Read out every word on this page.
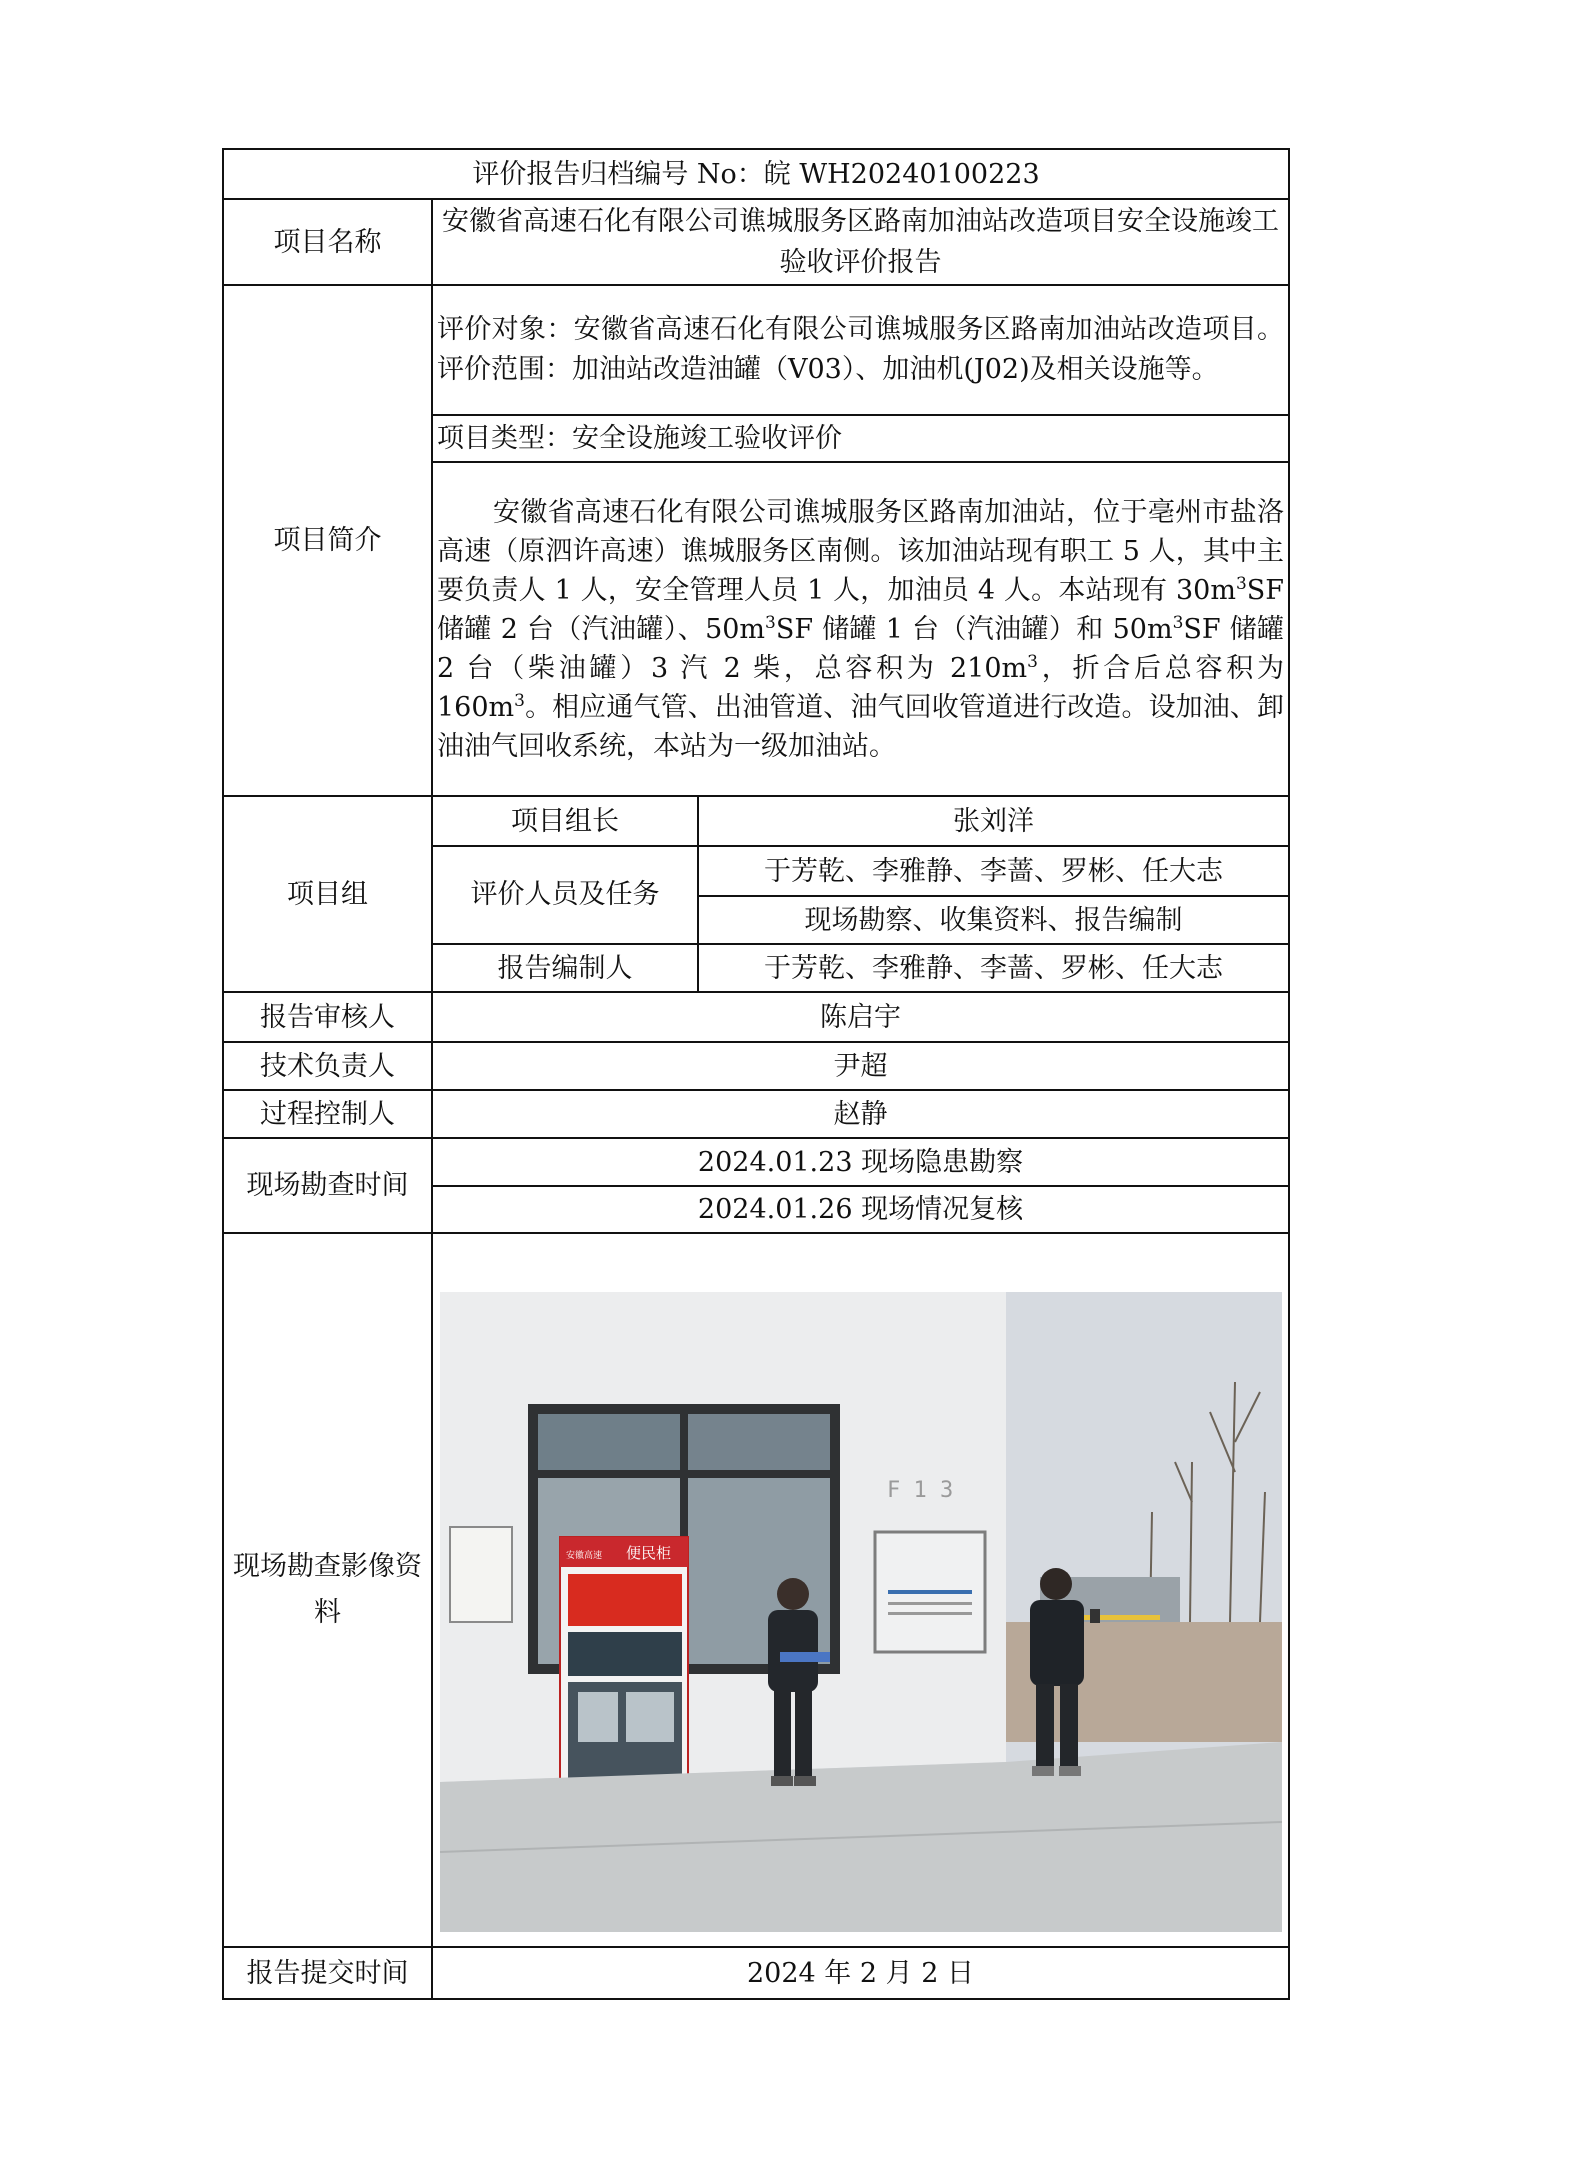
评价报告归档编号 No：皖 WH20240100223		
项目名称	安徽省高速石化有限公司谯城服务区路南加油站改造项目安全设施竣工验收评价报告	
项目简介	评价对象：安徽省高速石化有限公司谯城服务区路南加油站改造项目。评价范围：加油站改造油罐（V03）、加油机(J02)及相关设施等。	
	项目类型：安全设施竣工验收评价	
	安徽省高速石化有限公司谯城服务区路南加油站，位于亳州市盐洛高速（原泗许高速）谯城服务区南侧。该加油站现有职工 5 人，其中主要负责人 1 人，安全管理人员 1 人，加油员 4 人。本站现有 $30m^3SF$ 储罐 2 台（汽油罐）、$50m^3SF$ 储罐 1 台（汽油罐）和 $50m^3SF$ 储罐 2 台（柴油罐）3 汽 2 柴，总容积为 $210m^3$，折合后总容积为 $160m^3$。相应通气管、出油管道、油气回收管道进行改造。设加油、卸油油气回收系统，本站为一级加油站。	
项目组	项目组长	张刘洋
	评价人员及任务	于芳乾、李雅静、李蔷、罗彬、任大志
		现场勘察、收集资料、报告编制
	报告编制人	于芳乾、李雅静、李蔷、罗彬、任大志
报告审核人	陈启宇	
技术负责人	尹超	
过程控制人	赵静	
现场勘查时间	2024.01.23 现场隐患勘察	
	2024.01.26 现场情况复核	
现场勘查影像资料	F 1 3
便民柜
安徽高速	

报告提交时间	2024 年 2 月 2 日	
